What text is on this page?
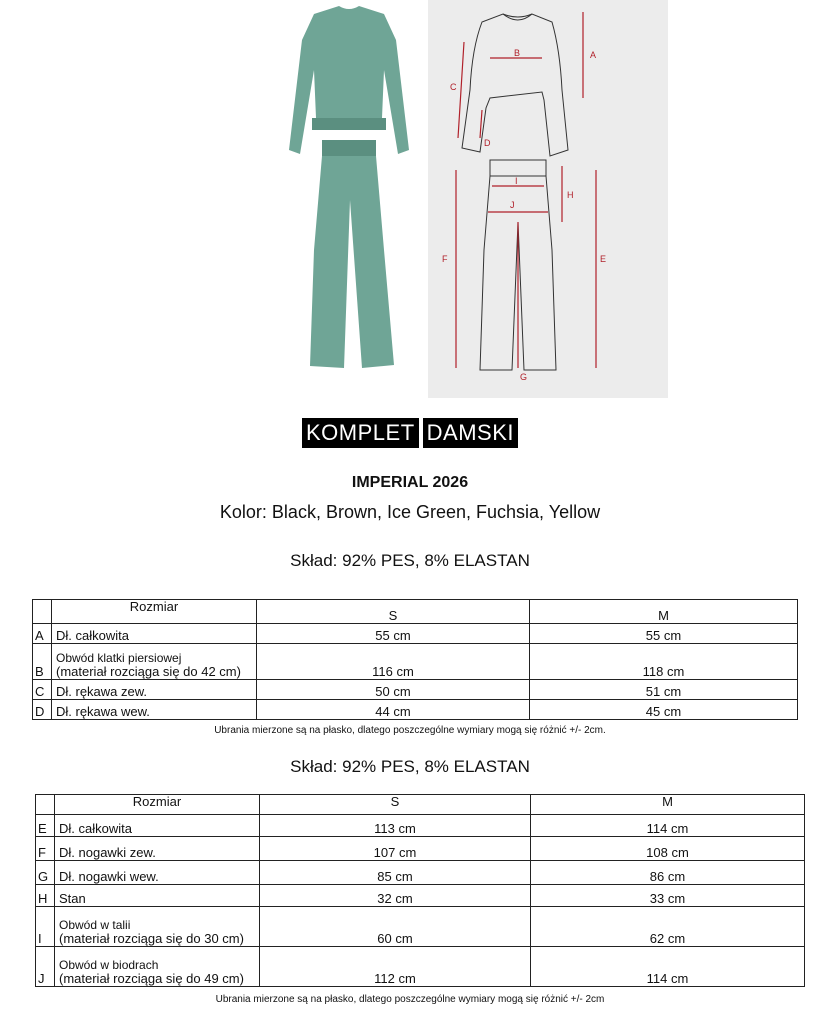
A
B
C
D
E
F
G
H
I
J
KOMPLET DAMSKI
IMPERIAL 2026
Kolor: Black, Brown, Ice Green, Fuchsia, Yellow
Skład: 92% PES, 8% ELASTAN
	Rozmiar	S	M
A	Dł. całkowita	55 cm	55 cm
B	Obwód klatki piersiowej
(materiał rozciąga się do 42 cm)	116 cm	118 cm
C	Dł. rękawa zew.	50 cm	51 cm
D	Dł. rękawa wew.	44 cm	45 cm
Ubrania mierzone są na płasko, dlatego poszczególne wymiary mogą się różnić +/- 2cm.
Skład: 92% PES, 8% ELASTAN
	Rozmiar	S	M
E	Dł. całkowita	113 cm	114 cm
F	Dł. nogawki zew.	107 cm	108 cm
G	Dł. nogawki wew.	85 cm	86 cm
H	Stan	32 cm	33 cm
I	Obwód w talii
(materiał rozciąga się do 30 cm)	60 cm	62 cm
J	Obwód w biodrach
(materiał rozciąga się do 49 cm)	112 cm	114 cm
Ubrania mierzone są na płasko, dlatego poszczególne wymiary mogą się różnić +/- 2cm
